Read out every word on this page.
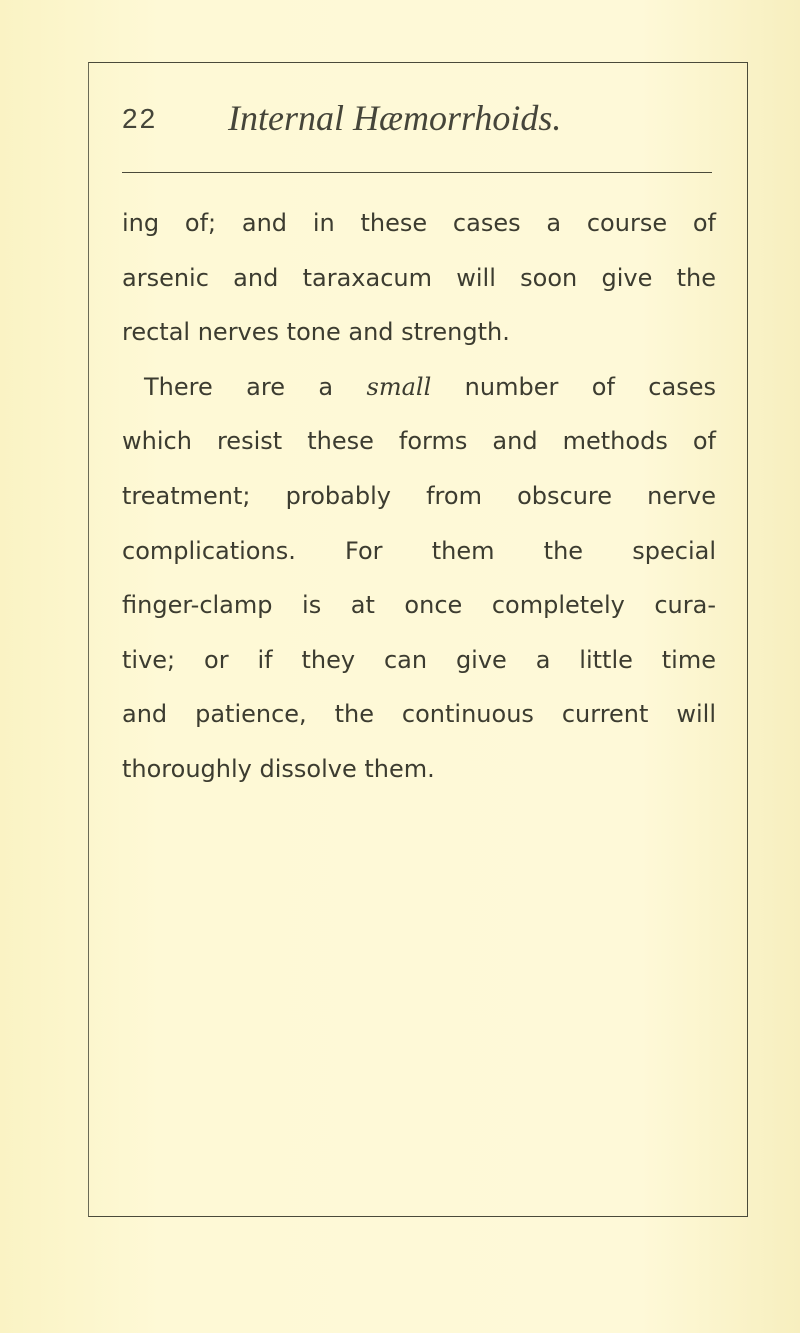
22 Internal Hæmorrhoids.
ing of; and in these cases a course of
arsenic and taraxacum will soon give the
rectal nerves tone and strength.
There are a small number of cases
which resist these forms and methods of
treatment; probably from obscure nerve
complications. For them the special
finger-clamp is at once completely cura-
tive; or if they can give a little time
and patience, the continuous current will
thoroughly dissolve them.
